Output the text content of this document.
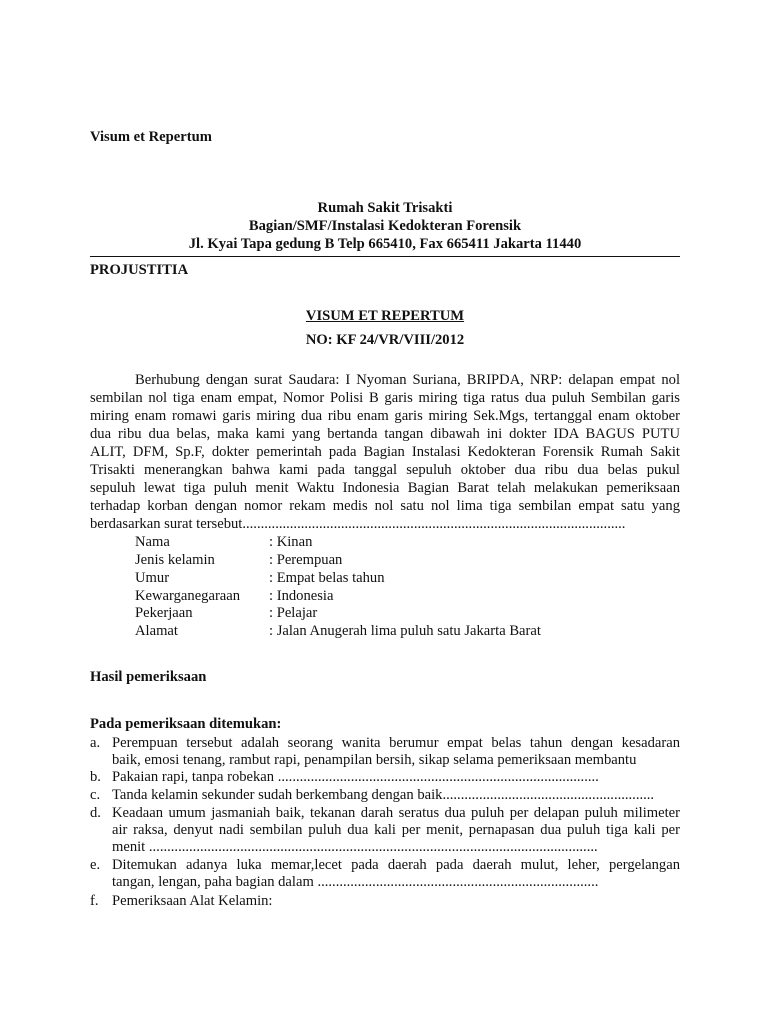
Visum et Repertum
Rumah Sakit Trisakti
Bagian/SMF/Instalasi Kedokteran Forensik
Jl. Kyai Tapa gedung B Telp 665410, Fax 665411 Jakarta 11440
PROJUSTITIA
VISUM ET REPERTUM
NO: KF 24/VR/VIII/2012
Berhubung dengan surat Saudara: I Nyoman Suriana, BRIPDA, NRP: delapan empat nol
sembilan nol tiga enam empat, Nomor Polisi B garis miring tiga ratus dua puluh Sembilan garis
miring enam romawi garis miring dua ribu enam garis miring Sek.Mgs, tertanggal enam oktober
dua ribu dua belas, maka kami yang bertanda tangan dibawah ini dokter IDA BAGUS PUTU
ALIT, DFM, Sp.F, dokter pemerintah pada Bagian Instalasi Kedokteran Forensik Rumah Sakit
Trisakti menerangkan bahwa kami pada tanggal sepuluh oktober dua ribu dua belas pukul
sepuluh lewat tiga puluh menit Waktu Indonesia Bagian Barat telah melakukan pemeriksaan
terhadap korban dengan nomor rekam medis nol satu nol lima tiga sembilan empat satu yang
berdasarkan surat tersebut.........................................................................................................
Nama	: Kinan
Jenis kelamin	: Perempuan
Umur	: Empat belas tahun
Kewarganegaraan : Indonesia
Pekerjaan	: Pelajar
Alamat	: Jalan Anugerah lima puluh satu Jakarta Barat
Hasil pemeriksaan
Pada pemeriksaan ditemukan:
a. Perempuan tersebut adalah seorang wanita berumur empat belas tahun dengan kesadaran
baik, emosi tenang, rambut rapi, penampilan bersih, sikap selama pemeriksaan membantu
b. Pakaian rapi, tanpa robekan ........................................................................................
c. Tanda kelamin sekunder sudah berkembang dengan baik..........................................................
d. Keadaan umum jasmaniah baik, tekanan darah seratus dua puluh per delapan puluh milimeter
air raksa, denyut nadi sembilan puluh dua kali per menit, pernapasan dua puluh tiga kali per
menit ...........................................................................................................................
e. Ditemukan adanya luka memar,lecet pada daerah pada daerah mulut, leher, pergelangan
tangan, lengan, paha bagian dalam .............................................................................
f. Pemeriksaan Alat Kelamin:
